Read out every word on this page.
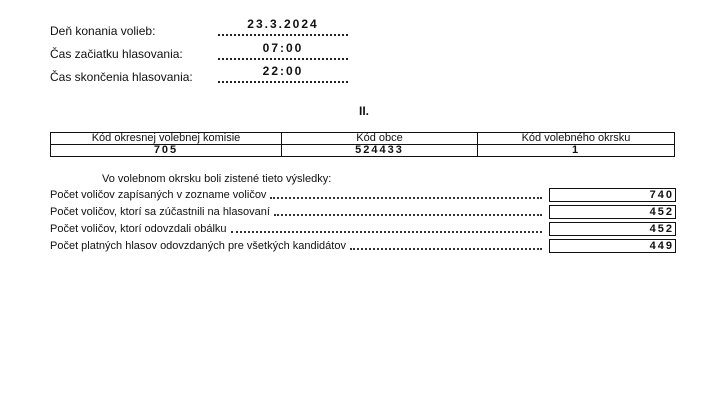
Deň konania volieb:	23.3.2024
Čas začiatku hlasovania:	07:00
Čas skončenia hlasovania:	22:00
II.
Kód okresnej volebnej komisie	Kód obce	Kód volebného okrsku
705	524433	1
Vo volebnom okrsku boli zistené tieto výsledky:
Počet voličov zapísaných v zozname voličov	740
Počet voličov, ktorí sa zúčastnili na hlasovaní	452
Počet voličov, ktorí odovzdali obálku	452
Počet platných hlasov odovzdaných pre všetkých kandidátov	449
